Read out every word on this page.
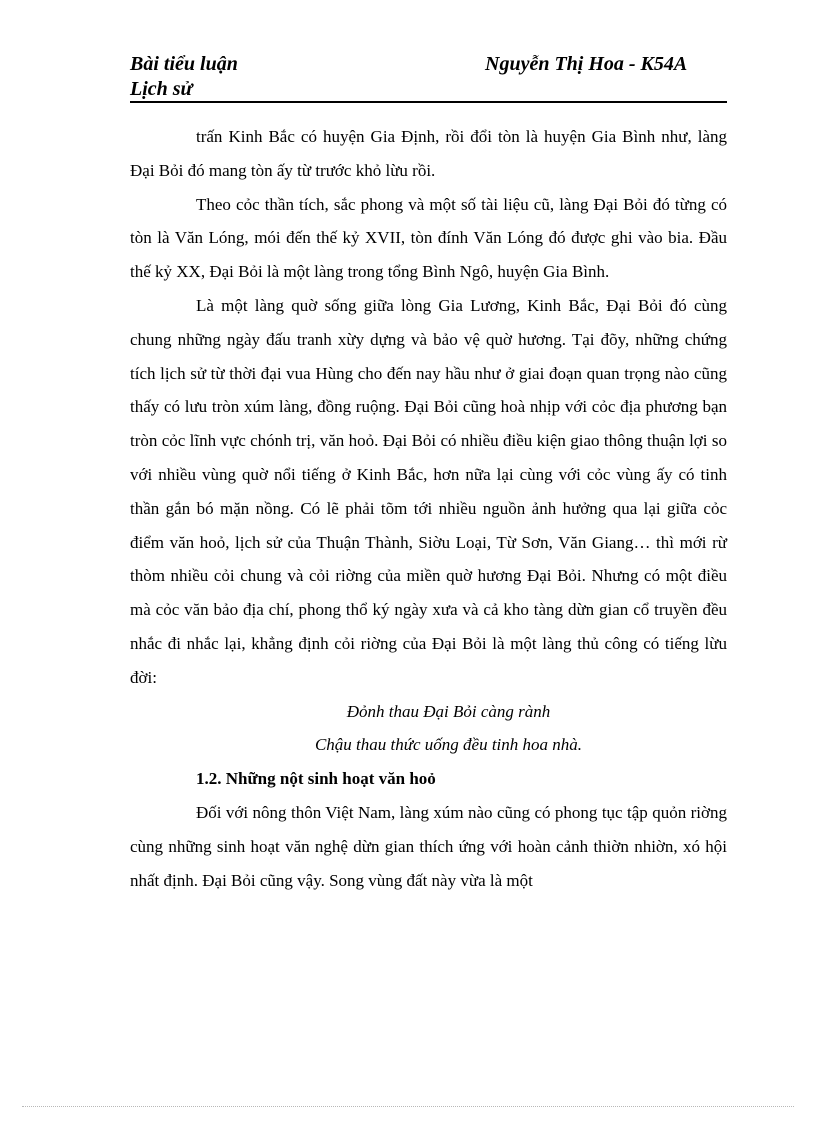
Bài tiểu luận	Nguyễn Thị Hoa - K54A
Lịch sử

trấn Kinh Bắc có huyện Gia Định, rồi đổi tòn là huyện Gia Bình như, làng Đại Bỏi đó mang tòn ấy từ trước khỏ lừu rồi.

Theo cỏc thần tích, sắc phong và một số tài liệu cũ, làng Đại Bỏi đó từng có tòn là Văn Lóng, mói đến thế kỷ XVII, tòn đính Văn Lóng đó được ghi vào bia. Đầu thế kỷ XX, Đại Bỏi là một làng trong tổng Bình Ngô, huyện Gia Bình.

Là một làng quờ sống giữa lòng Gia Lương, Kinh Bắc, Đại Bỏi đó cùng chung những ngày đấu tranh xừy dựng và bảo vệ quờ hương. Tại đõy, những chứng tích lịch sử từ thời đại vua Hùng cho đến nay hầu như ở giai đoạn quan trọng nào cũng thấy có lưu tròn xúm làng, đồng ruộng. Đại Bỏi cũng hoà nhịp với cỏc địa phương bạn tròn cỏc lĩnh vực chónh trị, văn hoỏ. Đại Bỏi có nhiều điều kiện giao thông thuận lợi so với nhiều vùng quờ nổi tiếng ở Kinh Bắc, hơn nữa lại cùng với cỏc vùng ấy có tinh thần gắn bó mặn nồng. Có lẽ phải tõm tới nhiều nguồn ảnh hưởng qua lại giữa cỏc điểm văn hoỏ, lịch sử của Thuận Thành, Siờu Loại, Từ Sơn, Văn Giang… thì mới rừ thòm nhiều cỏi chung và cỏi riờng của miền quờ hương Đại Bỏi. Nhưng có một điều mà cỏc văn bảo địa chí, phong thổ ký ngày xưa và cả kho tàng dừn gian cổ truyền đều nhắc đi nhắc lại, khẳng định cỏi riờng của Đại Bỏi là một làng thủ công có tiếng lừu đời:

Đỏnh thau Đại Bỏi càng rành

Chậu thau thức uống đều tinh hoa nhà.

1.2. Những nột sinh hoạt văn hoỏ

Đối với nông thôn Việt Nam, làng xúm nào cũng có phong tục tập quỏn riờng cùng những sinh hoạt văn nghệ dừn gian thích ứng với hoàn cảnh thiờn nhiờn, xó hội nhất định. Đại Bỏi cũng vậy. Song vùng đất này vừa là một
